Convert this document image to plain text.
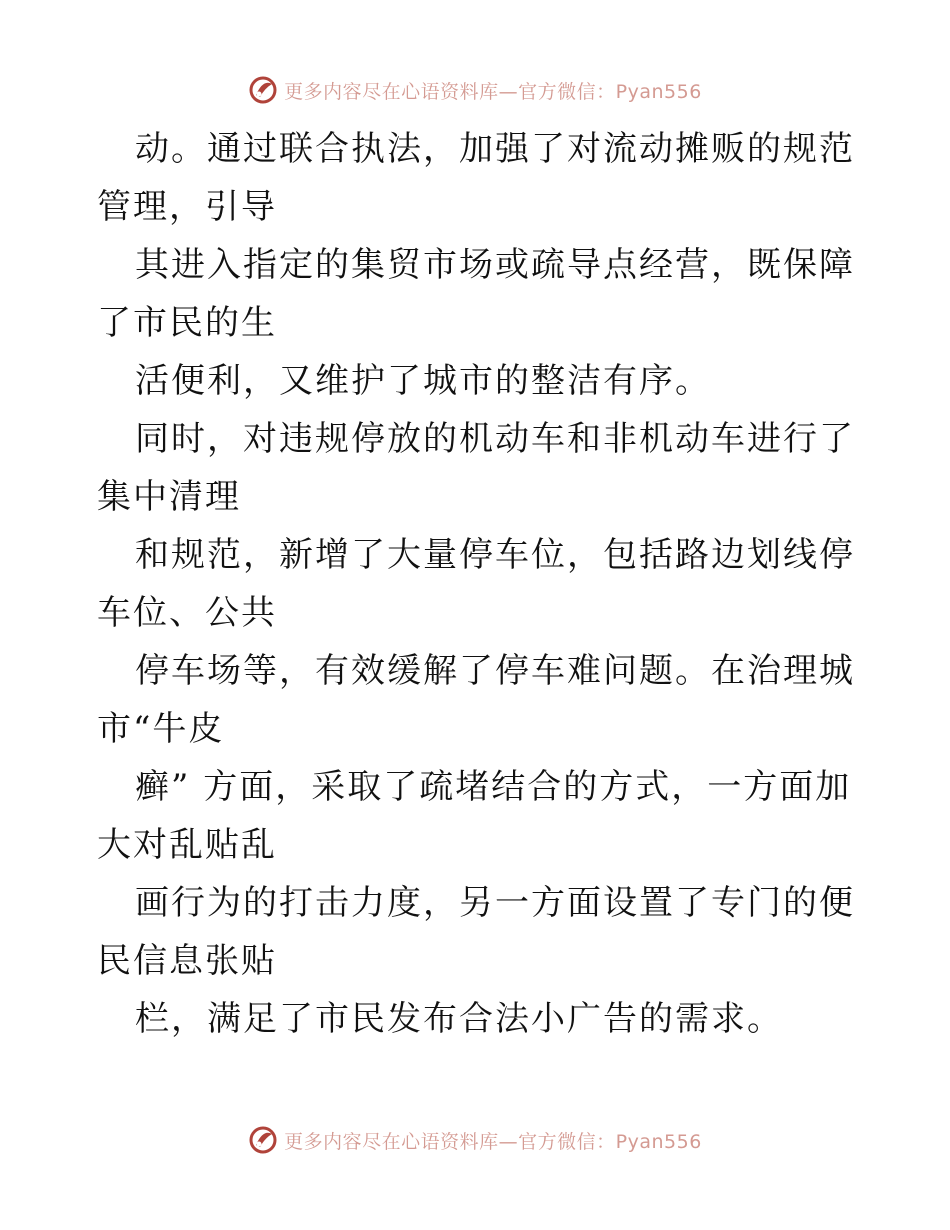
更多内容尽在心语资料库—官方微信：Pyan556

动。通过联合执法，加强了对流动摊贩的规范管理，引导

其进入指定的集贸市场或疏导点经营，既保障了市民的生

活便利，又维护了城市的整洁有序。

同时，对违规停放的机动车和非机动车进行了集中清理

和规范，新增了大量停车位，包括路边划线停车位、公共

停车场等，有效缓解了停车难问题。在治理城市“牛皮

癣” 方面，采取了疏堵结合的方式，一方面加大对乱贴乱

画行为的打击力度，另一方面设置了专门的便民信息张贴

栏，满足了市民发布合法小广告的需求。

更多内容尽在心语资料库—官方微信：Pyan556
